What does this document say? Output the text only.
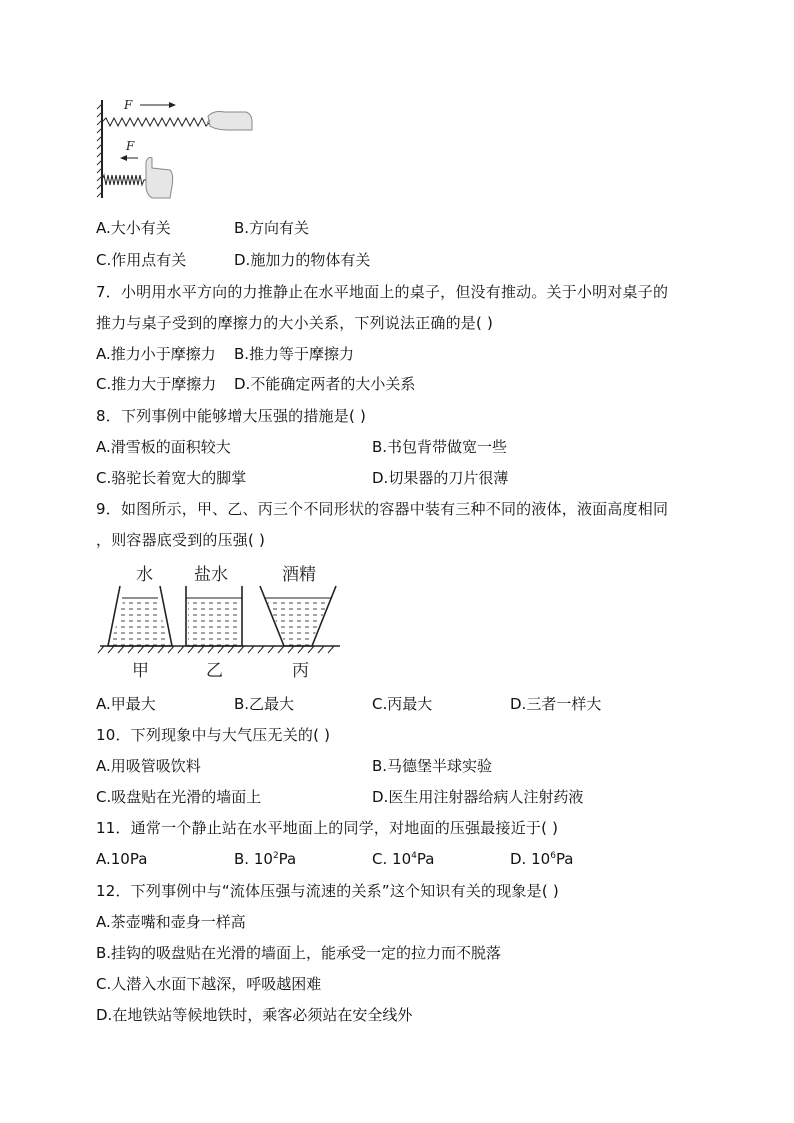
F
F
A.大小有关	B.方向有关
C.作用点有关	D.施加力的物体有关
7．小明用水平方向的力推静止在水平地面上的桌子，但没有推动。关于小明对桌子的
推力与桌子受到的摩擦力的大小关系，下列说法正确的是( )
A.推力小于摩擦力 B.推力等于摩擦力
C.推力大于摩擦力 D.不能确定两者的大小关系
8．下列事例中能够增大压强的措施是( )
A.滑雪板的面积较大	B.书包背带做宽一些
C.骆驼长着宽大的脚掌	D.切果器的刀片很薄
9．如图所示，甲、乙、丙三个不同形状的容器中装有三种不同的液体，液面高度相同
，则容器底受到的压强( )
水 盐水	酒精
甲	乙	丙
A.甲最大	B.乙最大	C.丙最大	D.三者一样大
10．下列现象中与大气压无关的( )
A.用吸管吸饮料	B.马德堡半球实验
C.吸盘贴在光滑的墙面上	D.医生用注射器给病人注射药液
11．通常一个静止站在水平地面上的同学，对地面的压强最接近于( )
A.10Pa	B. $10^2Pa$	C. $10^4Pa$	D. $10^6Pa$
12．下列事例中与“流体压强与流速的关系”这个知识有关的现象是( )
A.茶壶嘴和壶身一样高
B.挂钩的吸盘贴在光滑的墙面上，能承受一定的拉力而不脱落
C.人潜入水面下越深，呼吸越困难
D.在地铁站等候地铁时，乘客必须站在安全线外
